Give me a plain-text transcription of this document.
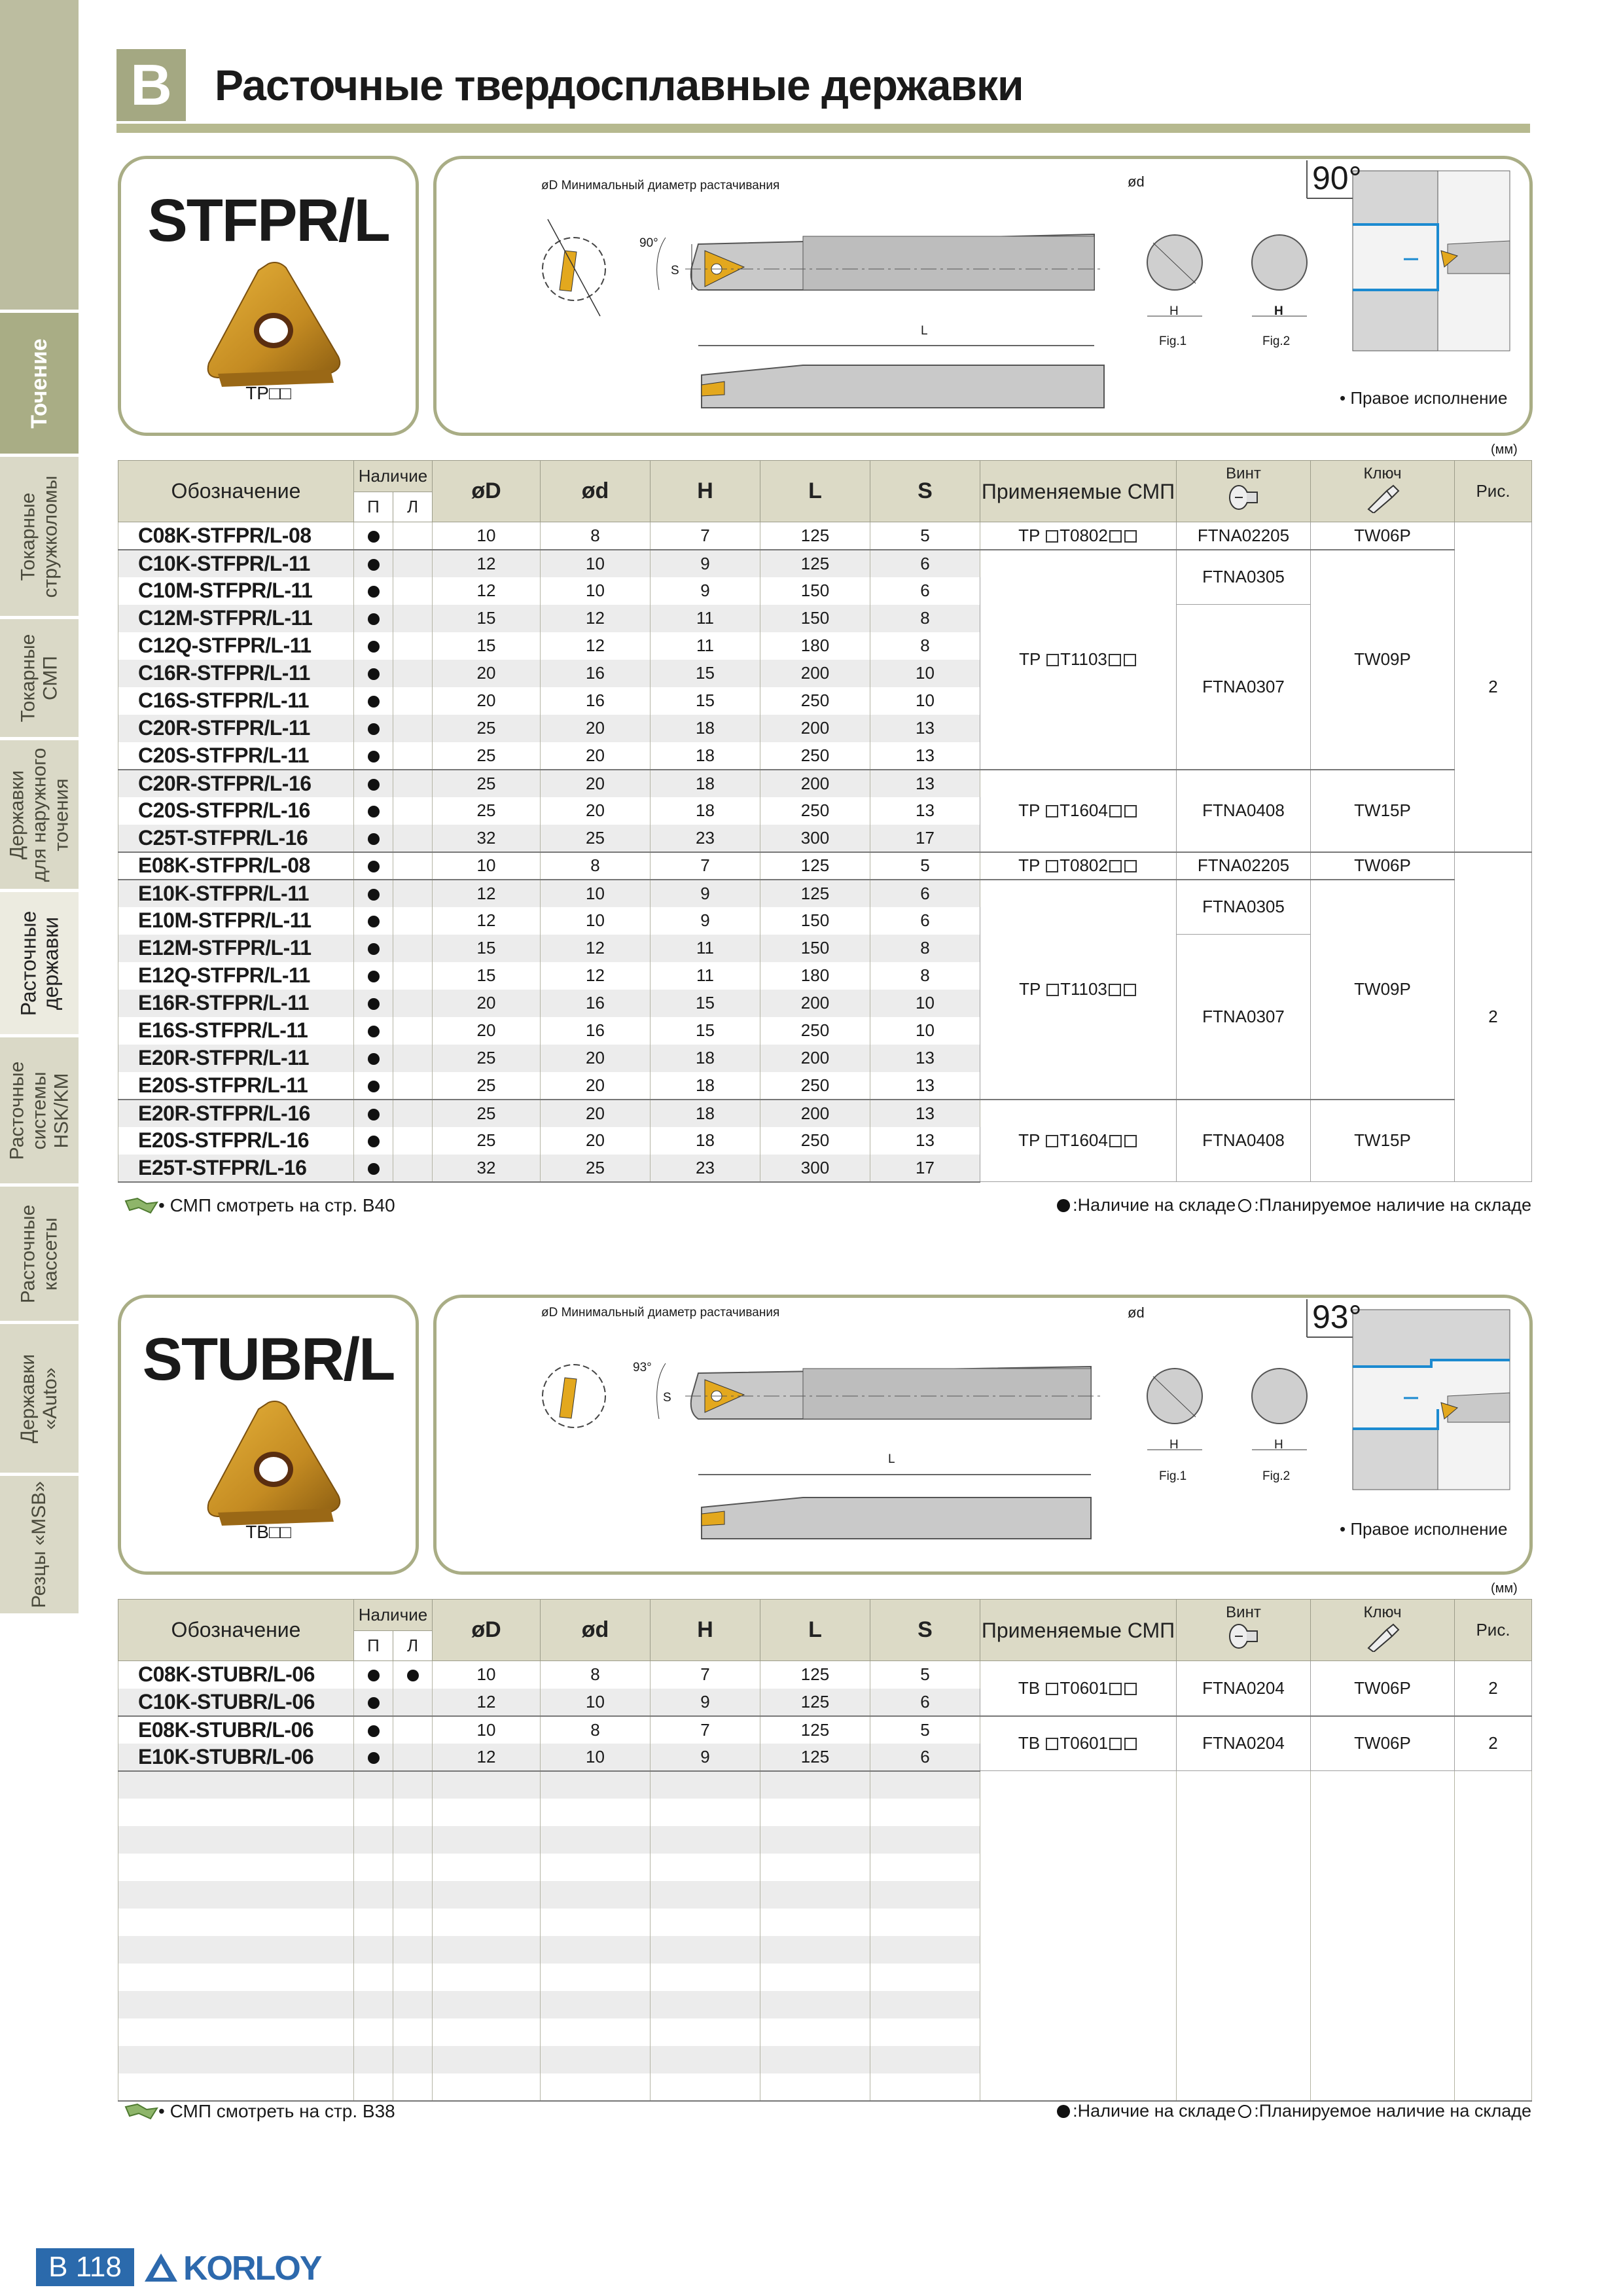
Точение
Токарные
стружколомы
Токарные
СМП
Державки
для наружного
точения
Расточные
державки
Расточные
системы
HSK/KM
Расточные
кассеты
Державки
«Auto»
Резцы «MSB»
B Расточные твердосплавные державки
STFPR/L
TP□□
øD Минимальный диаметр растачивания
90°
S
L
ød
H	H
Fig.1	Fig.2
90°
• Правое исполнение
(мм)
Обозначение	Наличие		øD	ød	H	L	S	Применяемые СМП	Винт	Ключ	Рис.
	П	Л									
C08K-STFPR/L-08			10	8	7	125	5	TP T0802	FTNA02205	TW06P	2
C10K-STFPR/L-11			12	10	9	125	6	TP T1103	FTNA0305	TW09P	
C10M-STFPR/L-11			12	10	9	150	6				
C12M-STFPR/L-11			15	12	11	150	8		FTNA0307		
C12Q-STFPR/L-11			15	12	11	180	8				
C16R-STFPR/L-11			20	16	15	200	10				
C16S-STFPR/L-11			20	16	15	250	10				
C20R-STFPR/L-11			25	20	18	200	13				
C20S-STFPR/L-11			25	20	18	250	13				
C20R-STFPR/L-16			25	20	18	200	13	TP T1604	FTNA0408	TW15P	
C20S-STFPR/L-16			25	20	18	250	13				
C25T-STFPR/L-16			32	25	23	300	17				
E08K-STFPR/L-08			10	8	7	125	5	TP T0802	FTNA02205	TW06P	2
E10K-STFPR/L-11			12	10	9	125	6	TP T1103	FTNA0305	TW09P	
E10M-STFPR/L-11			12	10	9	150	6				
E12M-STFPR/L-11			15	12	11	150	8		FTNA0307		
E12Q-STFPR/L-11			15	12	11	180	8				
E16R-STFPR/L-11			20	16	15	200	10				
E16S-STFPR/L-11			20	16	15	250	10				
E20R-STFPR/L-11			25	20	18	200	13				
E20S-STFPR/L-11			25	20	18	250	13				
E20R-STFPR/L-16			25	20	18	200	13	TP T1604	FTNA0408	TW15P	
E20S-STFPR/L-16			25	20	18	250	13				
E25T-STFPR/L-16			32	25	23	300	17				
• СМП смотреть на стр. B40	:Наличие на складе :Планируемое наличие на складе
STUBR/L
TB□□
øD Минимальный диаметр растачивания
93°
S
L
ød
H	H
Fig.1	Fig.2
93°
• Правое исполнение
(мм)
Обозначение	Наличие		øD	ød	H	L	S	Применяемые СМП	Винт	Ключ	Рис.
	П	Л									
C08K-STUBR/L-06			10	8	7	125	5	TB T0601	FTNA0204	TW06P	2
C10K-STUBR/L-06			12	10	9	125	6				
E08K-STUBR/L-06			10	8	7	125	5	TB T0601	FTNA0204	TW06P	2
E10K-STUBR/L-06			12	10	9	125	6				

• СМП смотреть на стр. B38	:Наличие на складе :Планируемое наличие на складе
B 118	KORLOY
